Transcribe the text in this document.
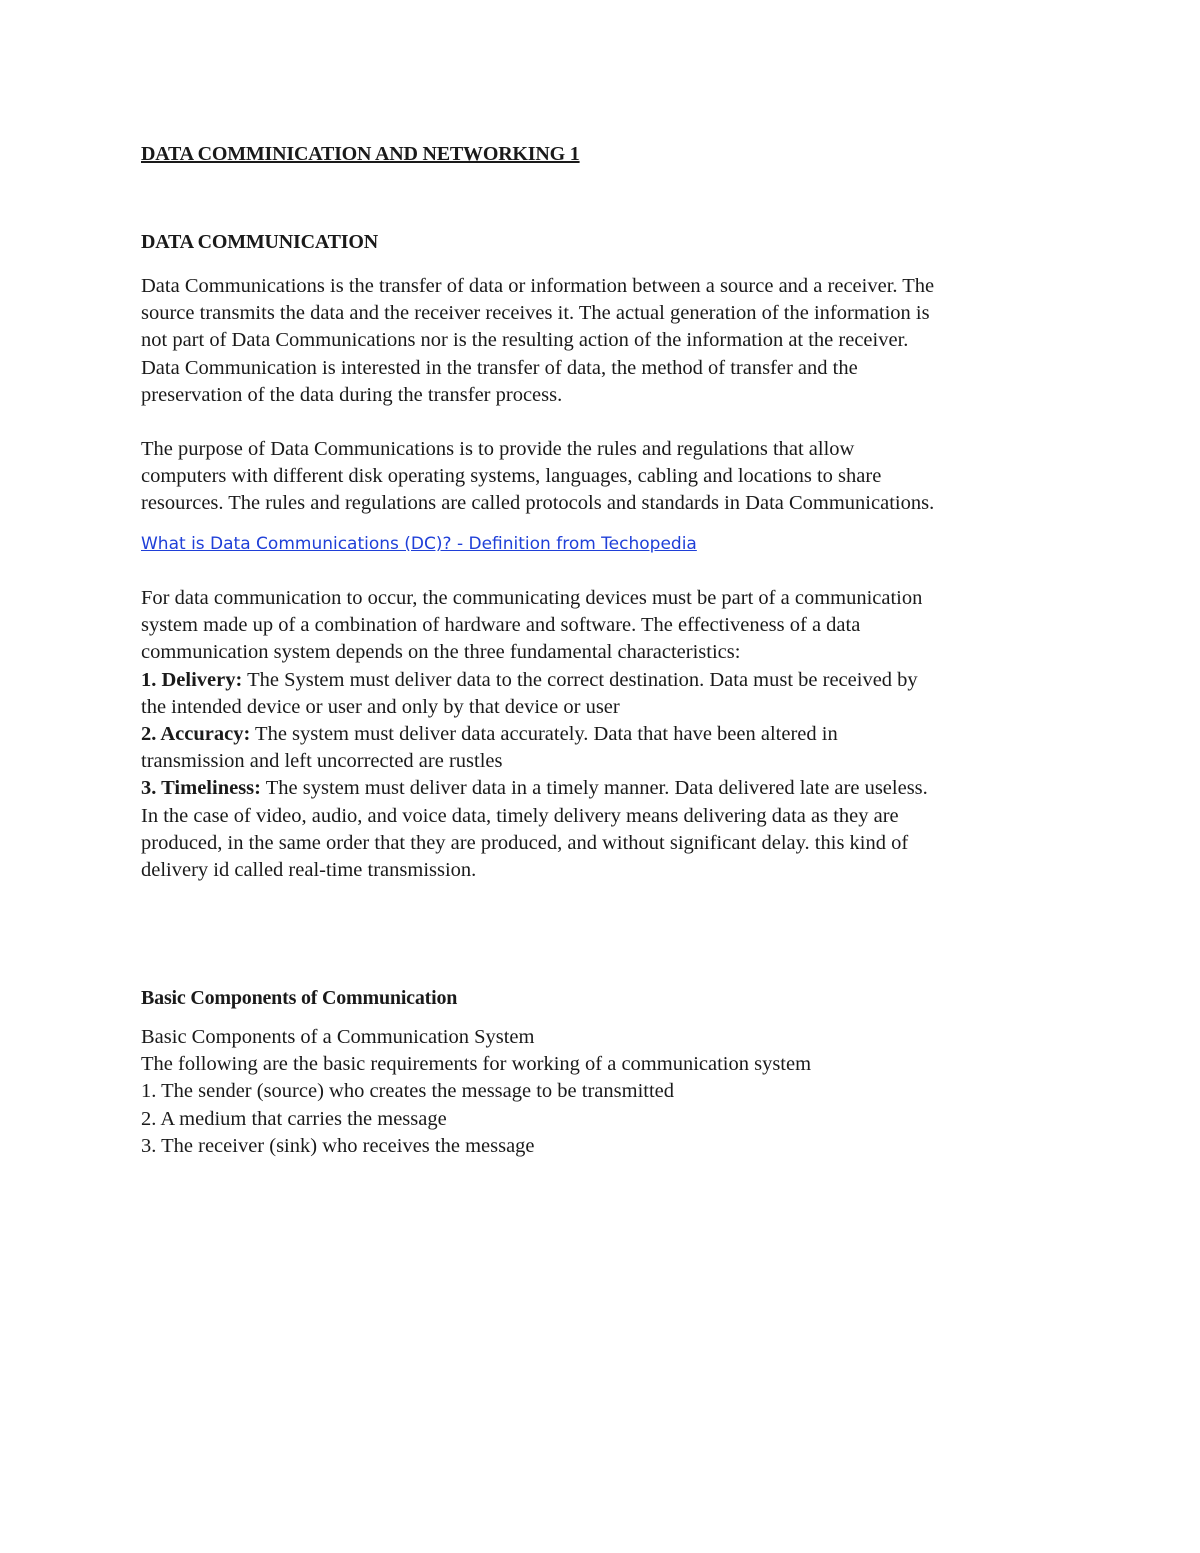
DATA COMMINICATION AND NETWORKING 1
DATA COMMUNICATION

Data Communications is the transfer of data or information between a source and a receiver. The
source transmits the data and the receiver receives it. The actual generation of the information is
not part of Data Communications nor is the resulting action of the information at the receiver.
Data Communication is interested in the transfer of data, the method of transfer and the
preservation of the data during the transfer process.

The purpose of Data Communications is to provide the rules and regulations that allow
computers with different disk operating systems, languages, cabling and locations to share
resources. The rules and regulations are called protocols and standards in Data Communications.

What is Data Communications (DC)? - Definition from Techopedia

For data communication to occur, the communicating devices must be part of a communication
system made up of a combination of hardware and software. The effectiveness of a data
communication system depends on the three fundamental characteristics:
1. Delivery: The System must deliver data to the correct destination. Data must be received by
the intended device or user and only by that device or user
2. Accuracy: The system must deliver data accurately. Data that have been altered in
transmission and left uncorrected are rustles
3. Timeliness: The system must deliver data in a timely manner. Data delivered late are useless.
In the case of video, audio, and voice data, timely delivery means delivering data as they are
produced, in the same order that they are produced, and without significant delay. this kind of
delivery id called real-time transmission.

Basic Components of Communication

Basic Components of a Communication System
The following are the basic requirements for working of a communication system
1. The sender (source) who creates the message to be transmitted
2. A medium that carries the message
3. The receiver (sink) who receives the message
